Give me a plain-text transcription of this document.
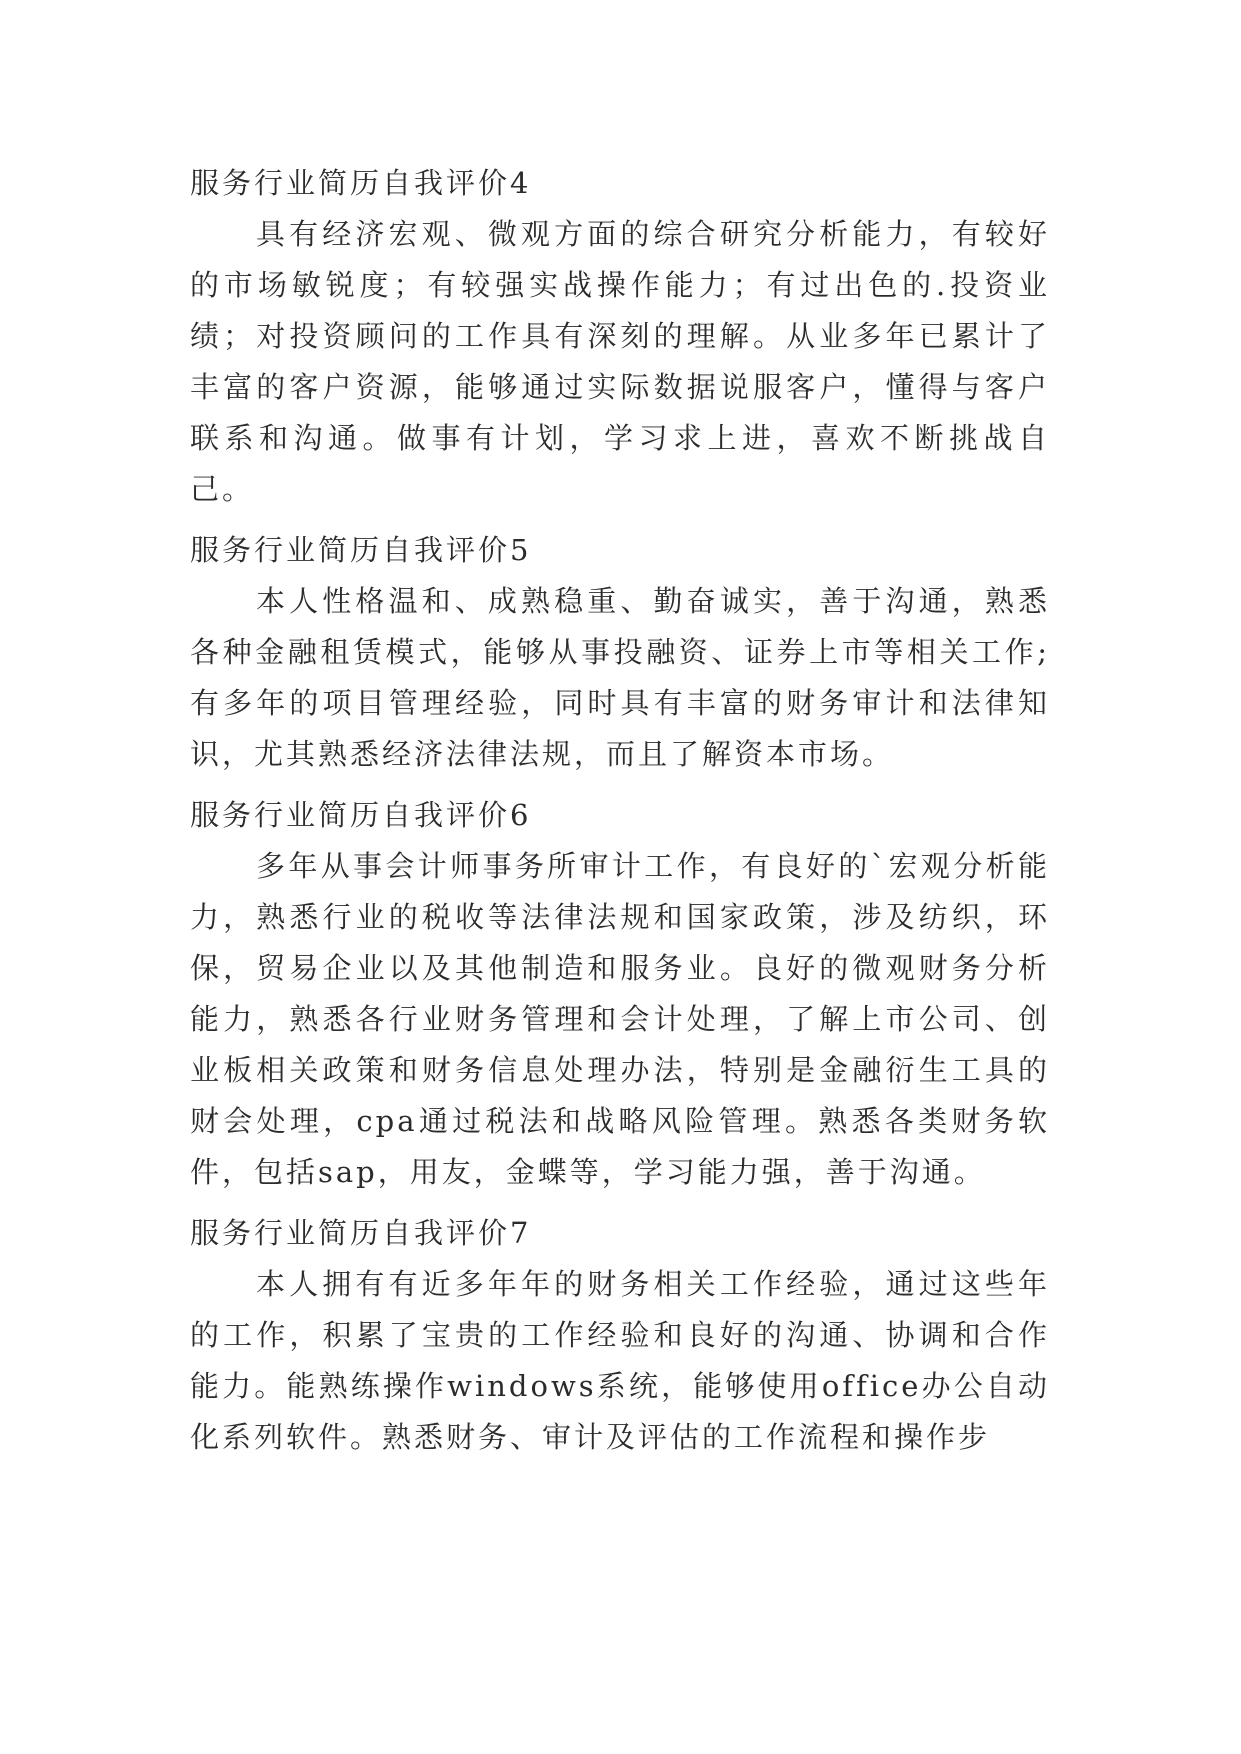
服务行业简历自我评价4

具有经济宏观、微观方面的综合研究分析能力，有较好的市场敏锐度；有较强实战操作能力；有过出色的.投资业绩；对投资顾问的工作具有深刻的理解。从业多年已累计了丰富的客户资源，能够通过实际数据说服客户，懂得与客户联系和沟通。做事有计划，学习求上进，喜欢不断挑战自己。

服务行业简历自我评价5

本人性格温和、成熟稳重、勤奋诚实，善于沟通，熟悉各种金融租赁模式，能够从事投融资、证券上市等相关工作;有多年的项目管理经验，同时具有丰富的财务审计和法律知识，尤其熟悉经济法律法规，而且了解资本市场。

服务行业简历自我评价6

多年从事会计师事务所审计工作，有良好的`宏观分析能力，熟悉行业的税收等法律法规和国家政策，涉及纺织，环保，贸易企业以及其他制造和服务业。良好的微观财务分析能力，熟悉各行业财务管理和会计处理，了解上市公司、创业板相关政策和财务信息处理办法，特别是金融衍生工具的财会处理，cpa通过税法和战略风险管理。熟悉各类财务软件，包括sap，用友，金蝶等，学习能力强，善于沟通。

服务行业简历自我评价7

本人拥有有近多年年的财务相关工作经验，通过这些年的工作，积累了宝贵的工作经验和良好的沟通、协调和合作能力。能熟练操作windows系统，能够使用office办公自动化系列软件。熟悉财务、审计及评估的工作流程和操作步
